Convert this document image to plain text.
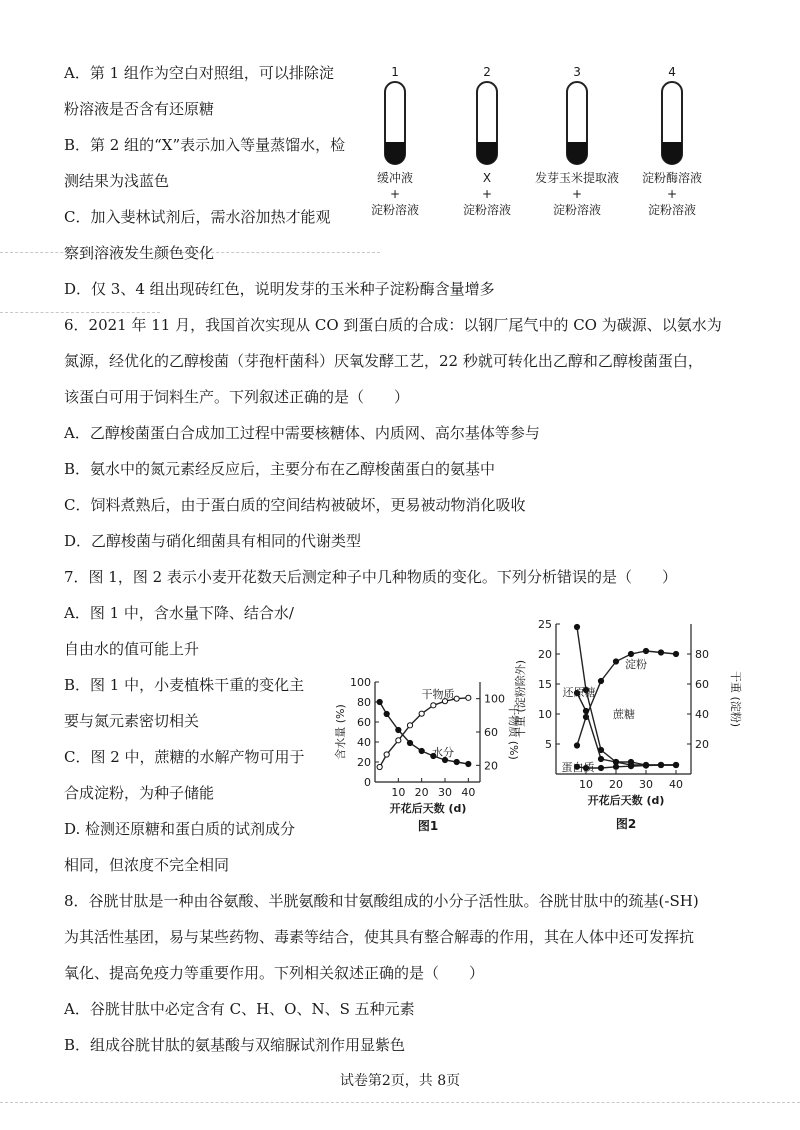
A．第 1 组作为空白对照组，可以排除淀
粉溶液是否含有还原糖
B．第 2 组的“X”表示加入等量蒸馏水，检
测结果为浅蓝色
C．加入斐林试剂后，需水浴加热才能观
察到溶液发生颜色变化
D．仅 3、4 组出现砖红色，说明发芽的玉米种子淀粉酶含量增多
1
缓冲液
+
淀粉溶液
2
X
+
淀粉溶液
3
发芽玉米提取液
+
淀粉溶液
4
淀粉酶溶液
+
淀粉溶液
6．2021 年 11 月，我国首次实现从 CO 到蛋白质的合成：以钢厂尾气中的 CO 为碳源、以氨水为
氮源，经优化的乙醇梭菌（芽孢杆菌科）厌氧发酵工艺，22 秒就可转化出乙醇和乙醇梭菌蛋白，
该蛋白可用于饲料生产。下列叙述正确的是（　　）
A．乙醇梭菌蛋白合成加工过程中需要核糖体、内质网、高尔基体等参与
B．氨水中的氮元素经反应后，主要分布在乙醇梭菌蛋白的氨基中
C．饲料煮熟后，由于蛋白质的空间结构被破坏，更易被动物消化吸收
D．乙醇梭菌与硝化细菌具有相同的代谢类型
7．图 1，图 2 表示小麦开花数天后测定种子中几种物质的变化。下列分析错误的是（　　）
A．图 1 中，含水量下降、结合水/
自由水的值可能上升
B．图 1 中，小麦植株干重的变化主
要与氮元素密切相关
C．图 2 中，蔗糖的水解产物可用于
合成淀粉，为种子储能
D. 检测还原糖和蛋白质的试剂成分
相同，但浓度不完全相同
10 20 30 40
0
20
40
60
80
100
20
60
100
含水量 (%)	干物质 (%)
开花后天数 (d)
干物质
水分
图1
10 20 30 40
5
10
15
20
25
20
40
60
80
干重 (淀粉除外)	干重 (淀粉)
开花后天数 (d)
淀粉
还原糖
蔗糖
蛋白质
图2
8．谷胱甘肽是一种由谷氨酸、半胱氨酸和甘氨酸组成的小分子活性肽。谷胱甘肽中的巯基(-SH)
为其活性基团，易与某些药物、毒素等结合，使其具有整合解毒的作用，其在人体中还可发挥抗
氧化、提高免疫力等重要作用。下列相关叙述正确的是（　　）
A．谷胱甘肽中必定含有 C、H、O、N、S 五种元素
B．组成谷胱甘肽的氨基酸与双缩脲试剂作用显紫色
试卷第2页，共 8页
